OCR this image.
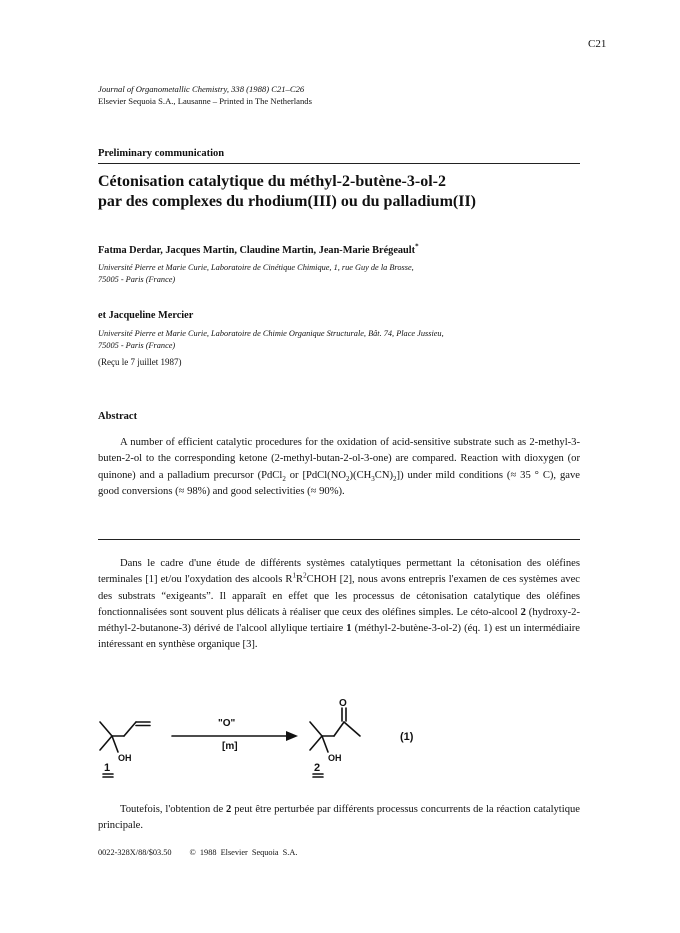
C21
Journal of Organometallic Chemistry, 338 (1988) C21–C26
Elsevier Sequoia S.A., Lausanne – Printed in The Netherlands
Preliminary communication
Cétonisation catalytique du méthyl-2-butène-3-ol-2
par des complexes du rhodium(III) ou du palladium(II)
Fatma Derdar, Jacques Martin, Claudine Martin, Jean-Marie Brégeault*
Université Pierre et Marie Curie, Laboratoire de Cinétique Chimique, 1, rue Guy de la Brosse,
75005 - Paris (France)
et Jacqueline Mercier
Université Pierre et Marie Curie, Laboratoire de Chimie Organique Structurale, Bât. 74, Place Jussieu,
75005 - Paris (France)
(Reçu le 7 juillet 1987)
Abstract

A number of efficient catalytic procedures for the oxidation of acid-sensitive substrate such as 2-methyl-3-buten-2-ol to the corresponding ketone (2-methyl-butan-2-ol-3-one) are compared. Reaction with dioxygen (or quinone) and a palladium precursor (PdCl$_2$ or $[PdCl(NO_2)(CH_3CN)_2]$) under mild conditions (≈ 35 ° C), gave good conversions (≈ 98%) and good selectivities (≈ 90%).

Dans le cadre d'une étude de différents systèmes catalytiques permettant la cétonisation des oléfines terminales [1] et/ou l'oxydation des alcools $R^1R^2CHOH$ [2], nous avons entrepris l'examen de ces systèmes avec des substrats “exigeants”. Il apparaît en effet que les processus de cétonisation catalytique des oléfines fonctionnalisées sont souvent plus délicats à réaliser que ceux des oléfines simples. Le céto-alcool 2 (hydroxy-2-méthyl-2-butanone-3) dérivé de l'alcool allylique tertiaire 1 (méthyl-2-butène-3-ol-2) (éq. 1) est un intermédiaire intéressant en synthèse organique [3].

OH	OH
O
"O"
[m]
1	2
(1)

Toutefois, l'obtention de 2 peut être perturbée par différents processus concurrents de la réaction catalytique principale.

0022-328X/88/$03.50 © 1988 Elsevier Sequoia S.A.
